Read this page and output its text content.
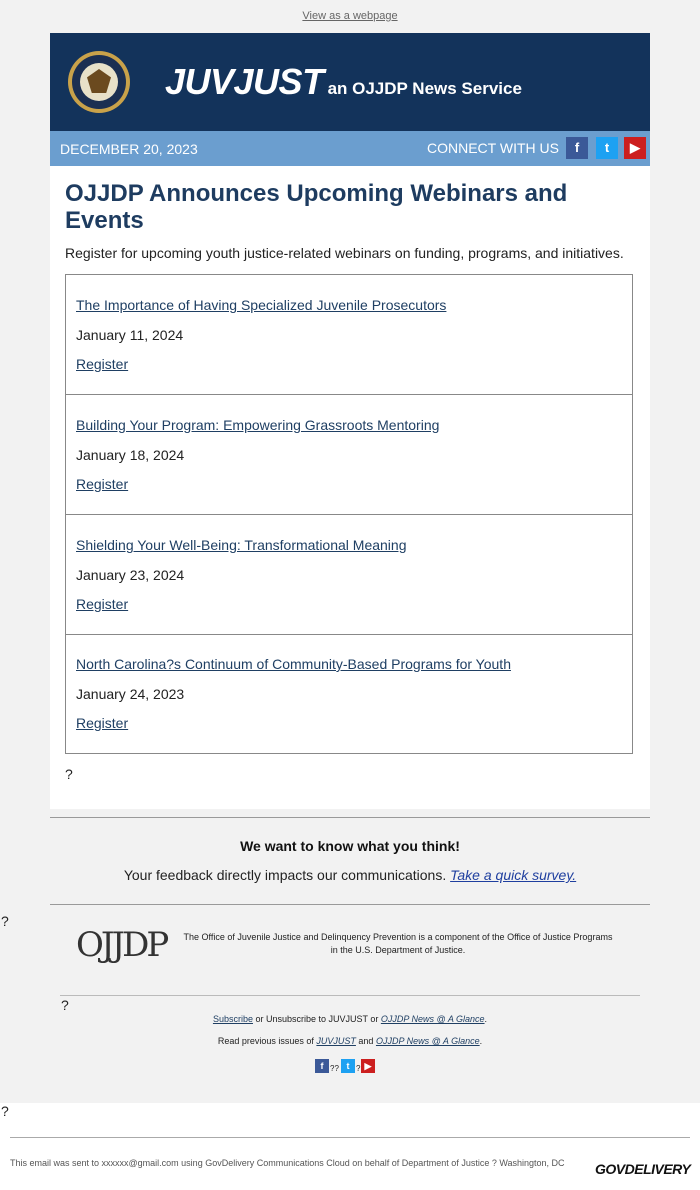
View as a webpage
JUVJUST an OJJDP News Service
DECEMBER 20, 2023	CONNECT WITH US	f	t	▶
OJJDP Announces Upcoming Webinars and Events
Register for upcoming youth justice-related webinars on funding, programs, and initiatives.
The Importance of Having Specialized Juvenile Prosecutors
January 11, 2024
Register
Building Your Program: Empowering Grassroots Mentoring
January 18, 2024
Register
Shielding Your Well-Being: Transformational Meaning
January 23, 2024
Register
North Carolina?s Continuum of Community-Based Programs for Youth
January 24, 2023
Register
?
We want to know what you think!
Your feedback directly impacts our communications. Take a quick survey.
?
OJJDP	The Office of Juvenile Justice and Delinquency Prevention is a component of the Office of Justice Programs in the U.S. Department of Justice.
?
Subscribe or Unsubscribe to JUVJUST or OJJDP News @ A Glance.
Read previous issues of JUVJUST and OJJDP News @ A Glance.
f ?? t ? ▶
?
This email was sent to xxxxxx@gmail.com using GovDelivery Communications Cloud on behalf of Department of Justice ? Washington, DC	GOVDELIVERY
